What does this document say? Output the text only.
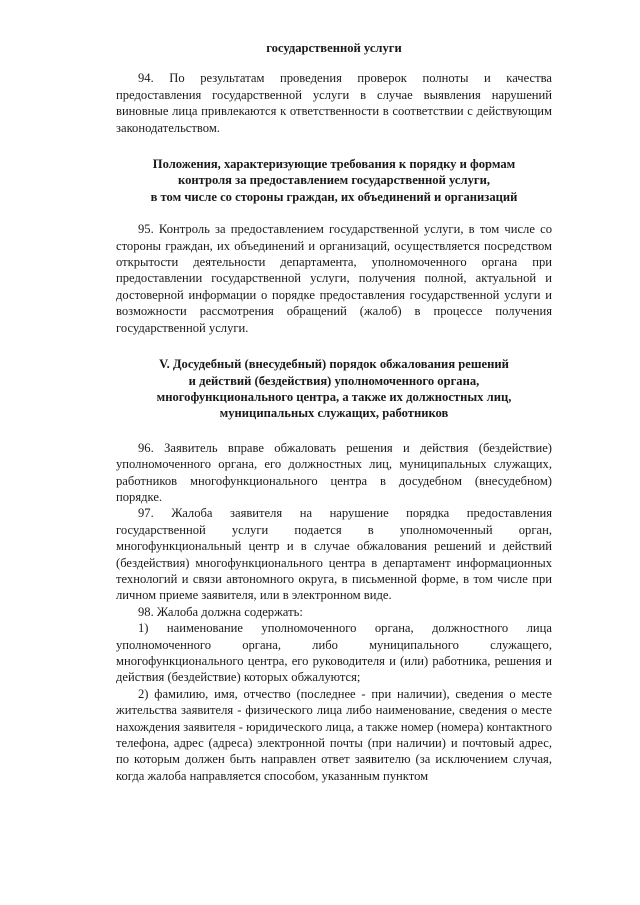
государственной услуги

94. По результатам проведения проверок полноты и качества предоставления государственной услуги в случае выявления нарушений виновные лица привлекаются к ответственности в соответствии с действующим законодательством.

Положения, характеризующие требования к порядку и формам
контроля за предоставлением государственной услуги,
в том числе со стороны граждан, их объединений и организаций

95. Контроль за предоставлением государственной услуги, в том числе со стороны граждан, их объединений и организаций, осуществляется посредством открытости деятельности департамента, уполномоченного органа при предоставлении государственной услуги, получения полной, актуальной и достоверной информации о порядке предоставления государственной услуги и возможности рассмотрения обращений (жалоб) в процессе получения государственной услуги.

V. Досудебный (внесудебный) порядок обжалования решений
и действий (бездействия) уполномоченного органа,
многофункционального центра, а также их должностных лиц,
муниципальных служащих, работников

96. Заявитель вправе обжаловать решения и действия (бездействие) уполномоченного органа, его должностных лиц, муниципальных служащих, работников многофункционального центра в досудебном (внесудебном) порядке.

97. Жалоба заявителя на нарушение порядка предоставления государственной услуги подается в уполномоченный орган, многофункциональный центр и в случае обжалования решений и действий (бездействия) многофункционального центра в департамент информационных технологий и связи автономного округа, в письменной форме, в том числе при личном приеме заявителя, или в электронном виде.

98. Жалоба должна содержать:

1) наименование уполномоченного органа, должностного лица уполномоченного органа, либо муниципального служащего, многофункционального центра, его руководителя и (или) работника, решения и действия (бездействие) которых обжалуются;

2) фамилию, имя, отчество (последнее - при наличии), сведения о месте жительства заявителя - физического лица либо наименование, сведения о месте нахождения заявителя - юридического лица, а также номер (номера) контактного телефона, адрес (адреса) электронной почты (при наличии) и почтовый адрес, по которым должен быть направлен ответ заявителю (за исключением случая, когда жалоба направляется способом, указанным пунктом
